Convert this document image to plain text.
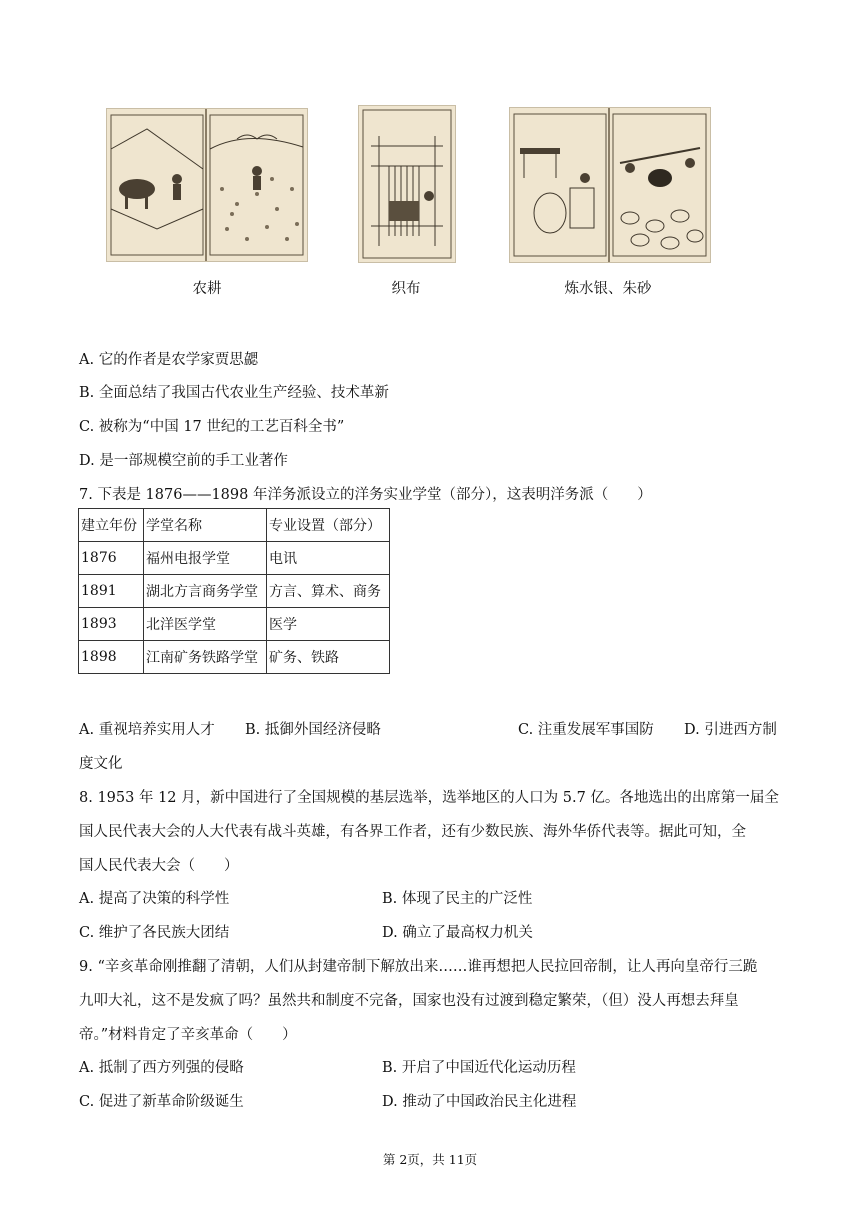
农耕	织布	炼水银、朱砂
A. 它的作者是农学家贾思勰
B. 全面总结了我国古代农业生产经验、技术革新
C. 被称为“中国 17 世纪的工艺百科全书”
D. 是一部规模空前的手工业著作
7. 下表是 1876——1898 年洋务派设立的洋务实业学堂（部分），这表明洋务派（　　）
建立年份	学堂名称	专业设置（部分）
1876	福州电报学堂	电讯
1891	湖北方言商务学堂	方言、算术、商务
1893	北洋医学堂	医学
1898	江南矿务铁路学堂	矿务、铁路
A. 重视培养实用人才 B. 抵御外国经济侵略	C. 注重发展军事国防 D. 引进西方制
度文化
8. 1953 年 12 月，新中国进行了全国规模的基层选举，选举地区的人口为 5.7 亿。各地选出的出席第一届全
国人民代表大会的人大代表有战斗英雄，有各界工作者，还有少数民族、海外华侨代表等。据此可知，全
国人民代表大会（　　）
A. 提高了决策的科学性	B. 体现了民主的广泛性
C. 维护了各民族大团结	D. 确立了最高权力机关
9. “辛亥革命刚推翻了清朝，人们从封建帝制下解放出来……谁再想把人民拉回帝制，让人再向皇帝行三跪
九叩大礼，这不是发疯了吗？虽然共和制度不完备，国家也没有过渡到稳定繁荣，（但）没人再想去拜皇
帝。”材料肯定了辛亥革命（　　）
A. 抵制了西方列强的侵略	B. 开启了中国近代化运动历程
C. 促进了新革命阶级诞生	D. 推动了中国政治民主化进程
第 2页，共 11页
